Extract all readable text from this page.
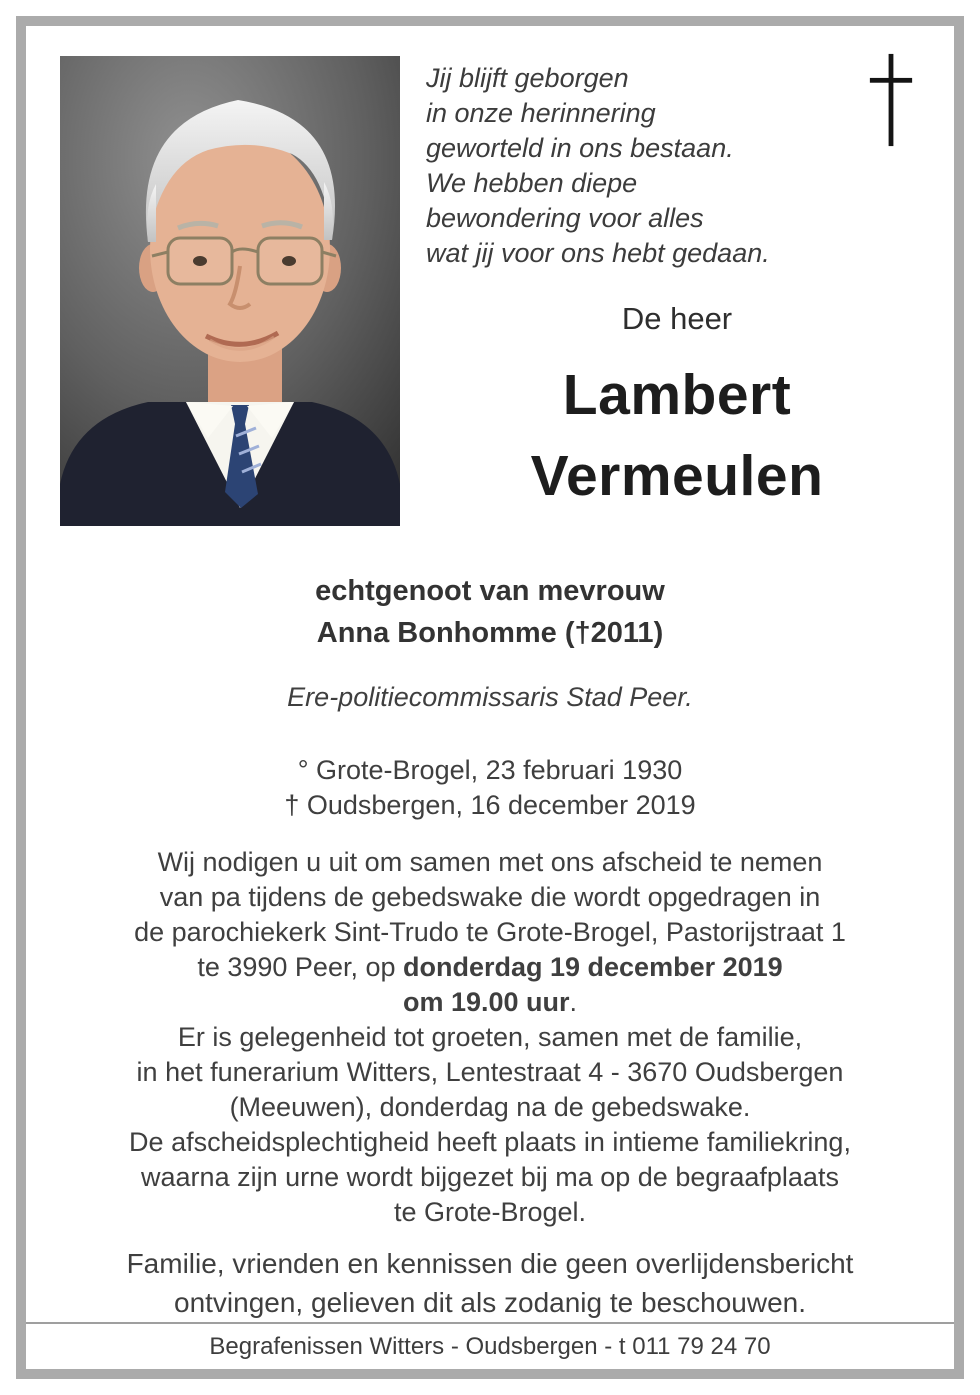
Jij blijft geborgen
in onze herinnering
geworteld in ons bestaan.
We hebben diepe
bewondering voor alles
wat jij voor ons hebt gedaan.
De heer
Lambert
Vermeulen
echtgenoot van mevrouw
Anna Bonhomme (†2011)
Ere-politiecommissaris Stad Peer.
° Grote-Brogel, 23 februari 1930
† Oudsbergen, 16 december 2019
Wij nodigen u uit om samen met ons afscheid te nemen
van pa tijdens de gebedswake die wordt opgedragen in
de parochiekerk Sint-Trudo te Grote-Brogel, Pastorijstraat 1
te 3990 Peer, op donderdag 19 december 2019
om 19.00 uur.
Er is gelegenheid tot groeten, samen met de familie,
in het funerarium Witters, Lentestraat 4 - 3670 Oudsbergen
(Meeuwen), donderdag na de gebedswake.
De afscheidsplechtigheid heeft plaats in intieme familiekring,
waarna zijn urne wordt bijgezet bij ma op de begraafplaats
te Grote-Brogel.
Familie, vrienden en kennissen die geen overlijdensbericht
ontvingen, gelieven dit als zodanig te beschouwen.
Begrafenissen Witters - Oudsbergen - t 011 79 24 70
